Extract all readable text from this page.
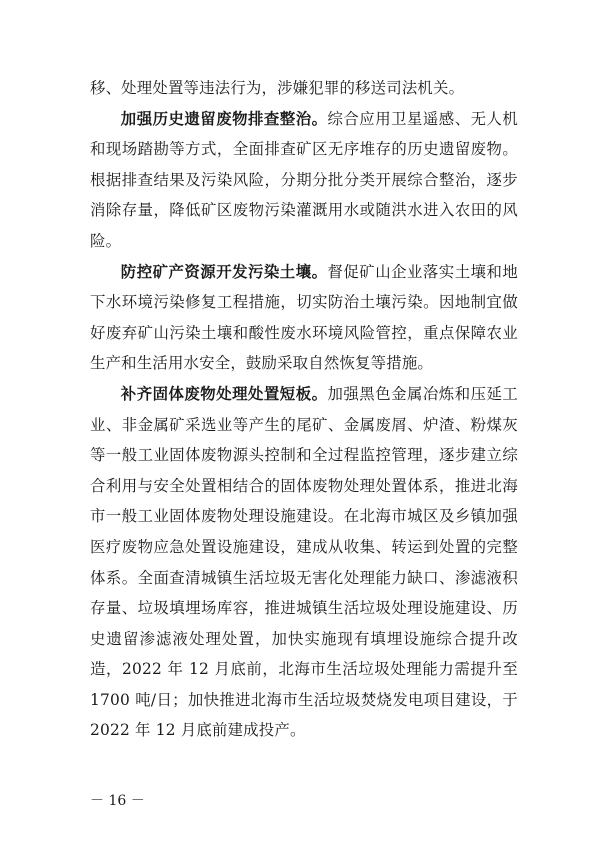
移、处理处置等违法行为，涉嫌犯罪的移送司法机关。

加强历史遗留废物排查整治。综合应用卫星遥感、无人机和现场踏勘等方式，全面排查矿区无序堆存的历史遗留废物。根据排查结果及污染风险，分期分批分类开展综合整治，逐步消除存量，降低矿区废物污染灌溉用水或随洪水进入农田的风险。

防控矿产资源开发污染土壤。督促矿山企业落实土壤和地下水环境污染修复工程措施，切实防治土壤污染。因地制宜做好废弃矿山污染土壤和酸性废水环境风险管控，重点保障农业生产和生活用水安全，鼓励采取自然恢复等措施。

补齐固体废物处理处置短板。加强黑色金属冶炼和压延工业、非金属矿采选业等产生的尾矿、金属废屑、炉渣、粉煤灰等一般工业固体废物源头控制和全过程监控管理，逐步建立综合利用与安全处置相结合的固体废物处理处置体系，推进北海市一般工业固体废物处理设施建设。在北海市城区及乡镇加强医疗废物应急处置设施建设，建成从收集、转运到处置的完整体系。全面查清城镇生活垃圾无害化处理能力缺口、渗滤液积存量、垃圾填埋场库容，推进城镇生活垃圾处理设施建设、历史遗留渗滤液处理处置，加快实施现有填埋设施综合提升改造，2022 年 12 月底前，北海市生活垃圾处理能力需提升至 1700 吨/日；加快推进北海市生活垃圾焚烧发电项目建设，于 2022 年 12 月底前建成投产。

－ 16 －
